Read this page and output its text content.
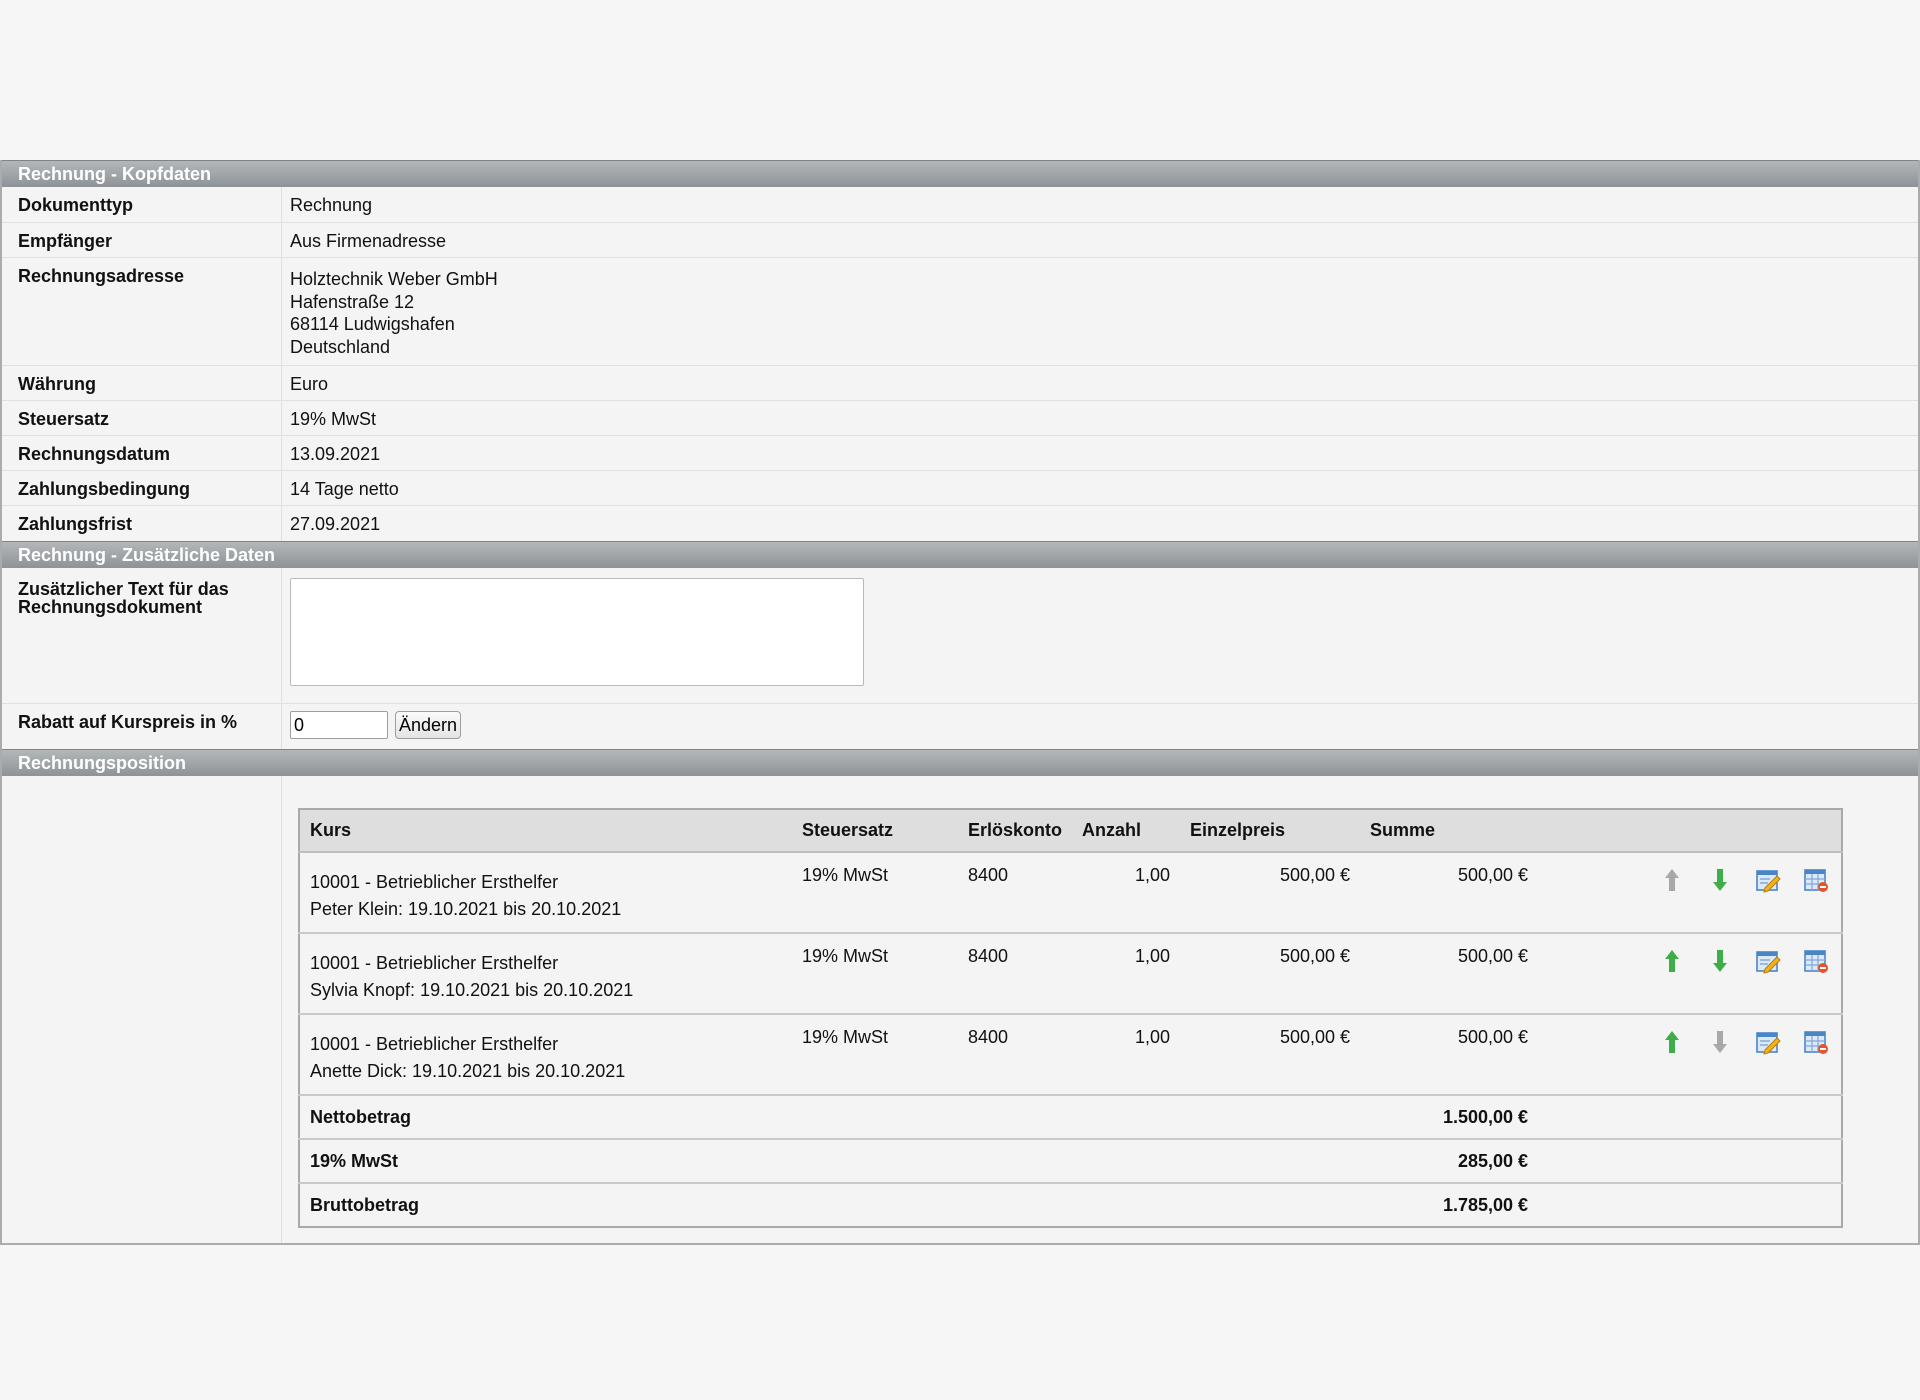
Rechnung - Kopfdaten
Dokumenttyp	Rechnung
Empfänger	Aus Firmenadresse
Rechnungsadresse	Holztechnik Weber GmbH
Hafenstraße 12
68114 Ludwigshafen
Deutschland
Währung	Euro
Steuersatz	19% MwSt
Rechnungsdatum	13.09.2021
Zahlungsbedingung	14 Tage netto
Zahlungsfrist	27.09.2021
Rechnung - Zusätzliche Daten
Zusätzlicher Text für das
Rechnungsdokument
Rabatt auf Kurspreis in %
0	Ändern
Rechnungsposition
Kurs	Steuersatz	Erlöskonto	Anzahl	Einzelpreis	Summe	

10001 - Betrieblicher Ersthelfer
Peter Klein: 19.10.2021 bis 20.10.2021	19% MwSt	8400	1,00	500,00 €	500,00 €	

10001 - Betrieblicher Ersthelfer
Sylvia Knopf: 19.10.2021 bis 20.10.2021	19% MwSt	8400	1,00	500,00 €	500,00 €	

10001 - Betrieblicher Ersthelfer
Anette Dick: 19.10.2021 bis 20.10.2021	19% MwSt	8400	1,00	500,00 €	500,00 €	

Nettobetrag					1.500,00 €	
19% MwSt					285,00 €	
Bruttobetrag					1.785,00 €	
